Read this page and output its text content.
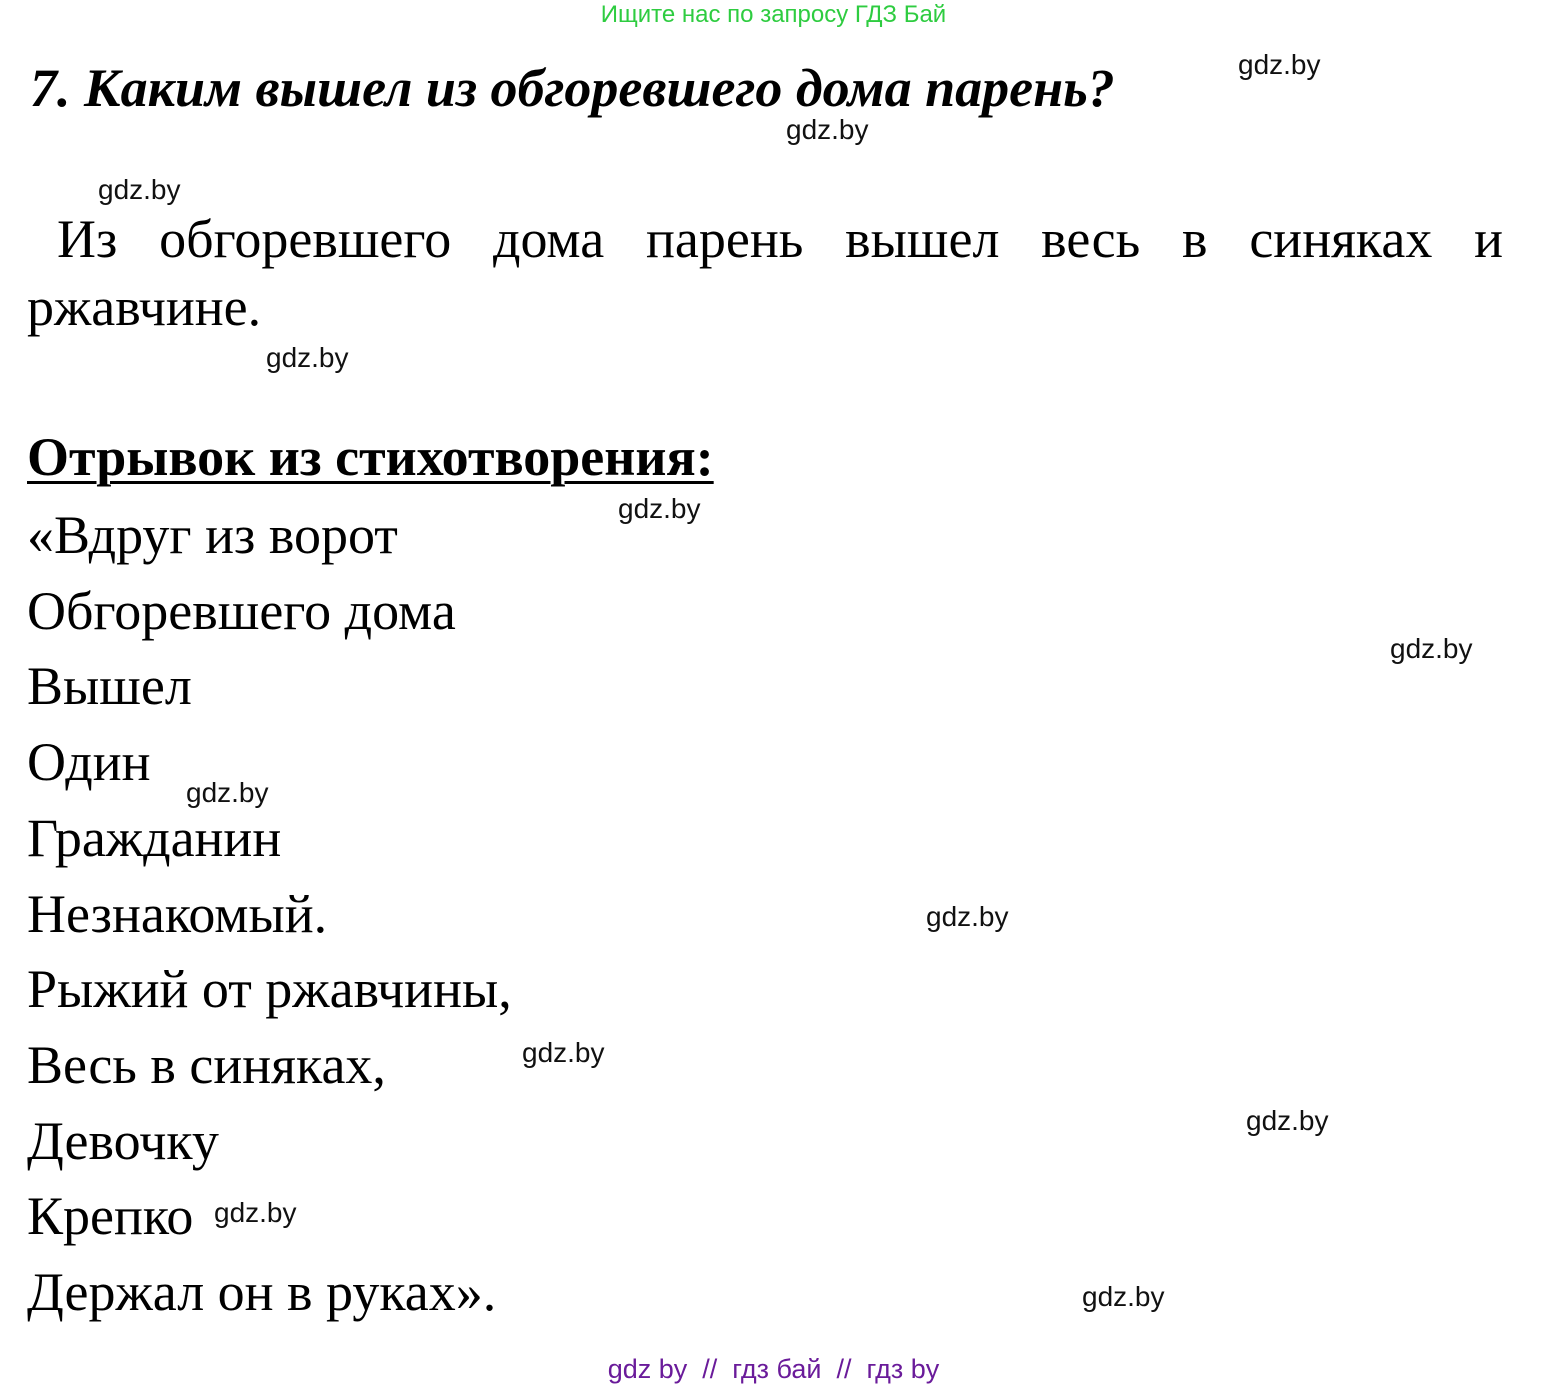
Ищите нас по запросу ГДЗ Бай
7. Каким вышел из обгоревшего дома парень?
Из обгоревшего дома парень вышел весь в синяках и ржавчине.
Отрывок из стихотворения:
«Вдруг из ворот
Обгоревшего дома
Вышел
Один
Гражданин
Незнакомый.
Рыжий от ржавчины,
Весь в синяках,
Девочку
Крепко
Держал он в руках».
gdz.by
gdz.by
gdz.by
gdz.by
gdz.by
gdz.by
gdz.by
gdz.by
gdz.by
gdz.by
gdz.by
gdz.by
gdz by  //  гдз бай  //  гдз by
